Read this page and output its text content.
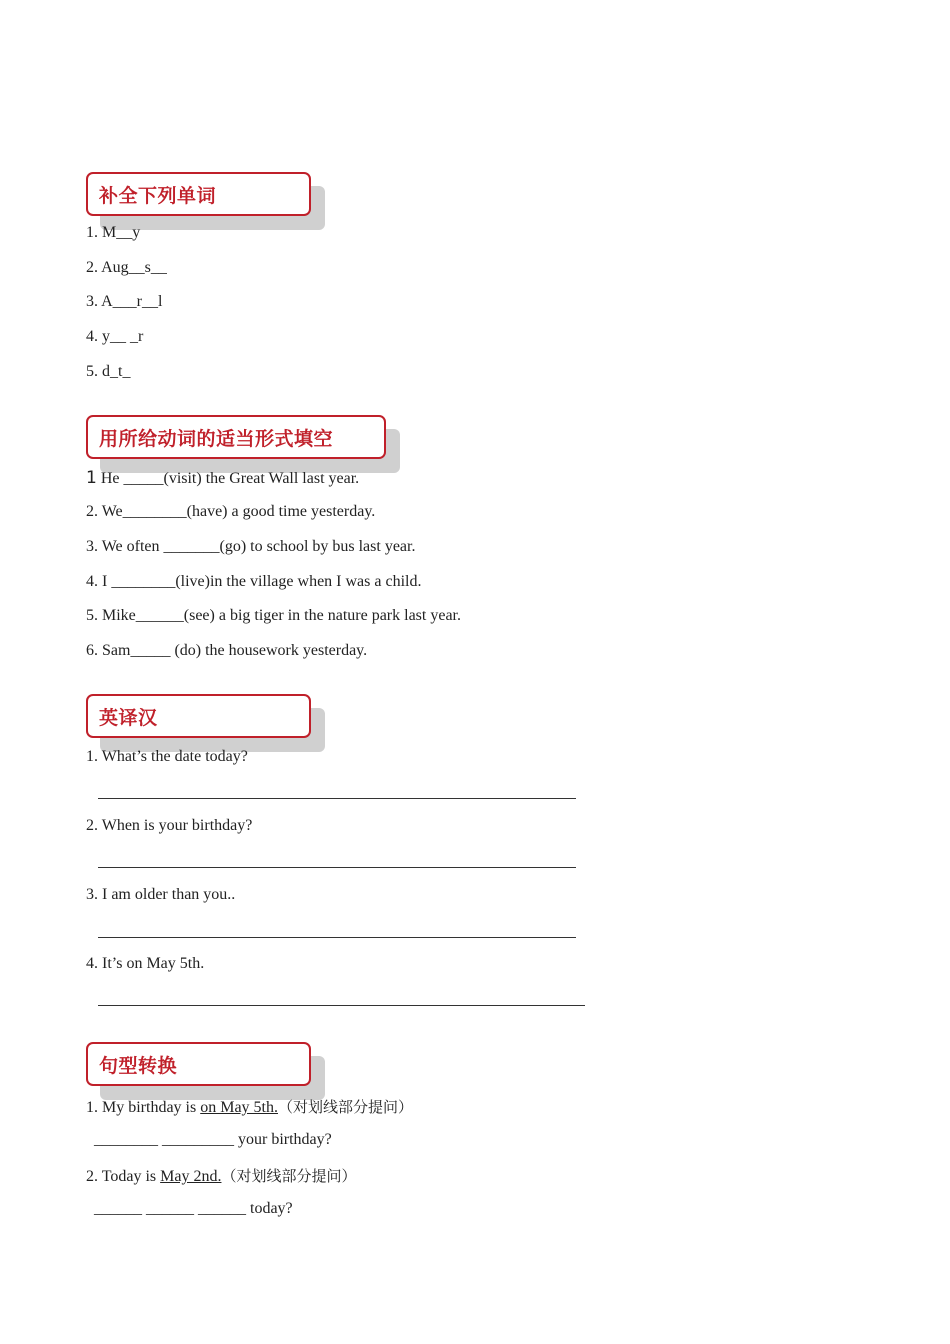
补全下列单词
1. M__y
2. Aug__s__
3. A___r__l
4. y__ _r
5. d_t_
用所给动词的适当形式填空
1 He _____(visit) the Great Wall last year.
2. We________(have) a good time yesterday.
3. We often _______(go) to school by bus last year.
4. I ________(live)in the village when I was a child.
5. Mike______(see) a big tiger in the nature park last year.
6. Sam_____ (do) the housework yesterday.
英译汉
1. What’s the date today?
2. When is your birthday?
3. I am older than you..
4. It’s on May 5th.
句型转换
1. My birthday is on May 5th.（对划线部分提问）
________ _________ your birthday?
2. Today is May 2nd.（对划线部分提问）
______ ______ ______ today?
